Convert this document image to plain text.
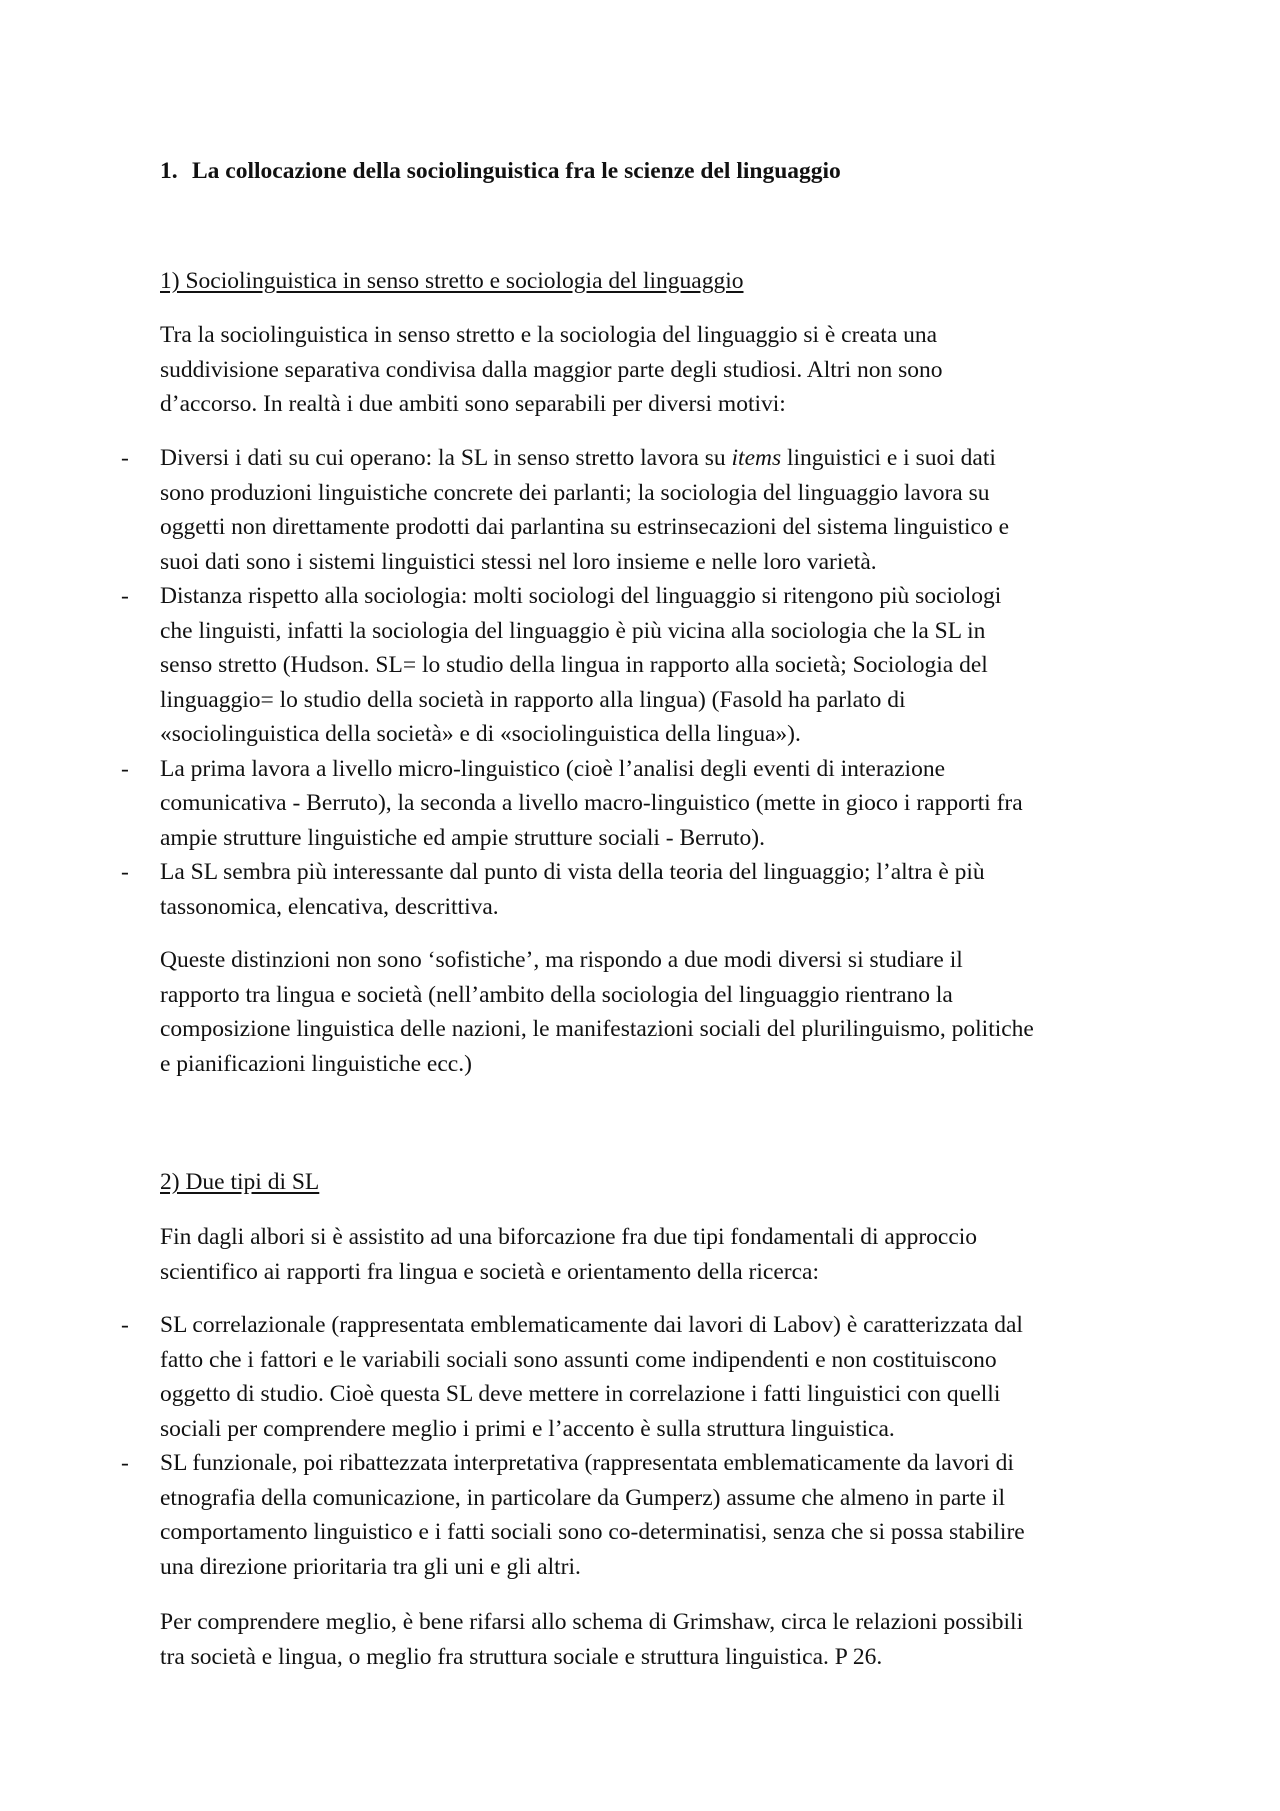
1. La collocazione della sociolinguistica fra le scienze del linguaggio
1) Sociolinguistica in senso stretto e sociologia del linguaggio

Tra la sociolinguistica in senso stretto e la sociologia del linguaggio si è creata una
suddivisione separativa condivisa dalla maggior parte degli studiosi. Altri non sono
d’accorso. In realtà i due ambiti sono separabili per diversi motivi:

- Diversi i dati su cui operano: la SL in senso stretto lavora su items linguistici e i suoi dati
sono produzioni linguistiche concrete dei parlanti; la sociologia del linguaggio lavora su
oggetti non direttamente prodotti dai parlantina su estrinsecazioni del sistema linguistico e
suoi dati sono i sistemi linguistici stessi nel loro insieme e nelle loro varietà.
- Distanza rispetto alla sociologia: molti sociologi del linguaggio si ritengono più sociologi
che linguisti, infatti la sociologia del linguaggio è più vicina alla sociologia che la SL in
senso stretto (Hudson. SL= lo studio della lingua in rapporto alla società; Sociologia del
linguaggio= lo studio della società in rapporto alla lingua) (Fasold ha parlato di
«sociolinguistica della società» e di «sociolinguistica della lingua»).
- La prima lavora a livello micro-linguistico (cioè l’analisi degli eventi di interazione
comunicativa - Berruto), la seconda a livello macro-linguistico (mette in gioco i rapporti fra
ampie strutture linguistiche ed ampie strutture sociali - Berruto).
- La SL sembra più interessante dal punto di vista della teoria del linguaggio; l’altra è più
tassonomica, elencativa, descrittiva.

Queste distinzioni non sono ‘sofistiche’, ma rispondo a due modi diversi si studiare il
rapporto tra lingua e società (nell’ambito della sociologia del linguaggio rientrano la
composizione linguistica delle nazioni, le manifestazioni sociali del plurilinguismo, politiche
e pianificazioni linguistiche ecc.)

2) Due tipi di SL

Fin dagli albori si è assistito ad una biforcazione fra due tipi fondamentali di approccio
scientifico ai rapporti fra lingua e società e orientamento della ricerca:

- SL correlazionale (rappresentata emblematicamente dai lavori di Labov) è caratterizzata dal
fatto che i fattori e le variabili sociali sono assunti come indipendenti e non costituiscono
oggetto di studio. Cioè questa SL deve mettere in correlazione i fatti linguistici con quelli
sociali per comprendere meglio i primi e l’accento è sulla struttura linguistica.
- SL funzionale, poi ribattezzata interpretativa (rappresentata emblematicamente da lavori di
etnografia della comunicazione, in particolare da Gumperz) assume che almeno in parte il
comportamento linguistico e i fatti sociali sono co-determinatisi, senza che si possa stabilire
una direzione prioritaria tra gli uni e gli altri.

Per comprendere meglio, è bene rifarsi allo schema di Grimshaw, circa le relazioni possibili
tra società e lingua, o meglio fra struttura sociale e struttura linguistica. P 26.
